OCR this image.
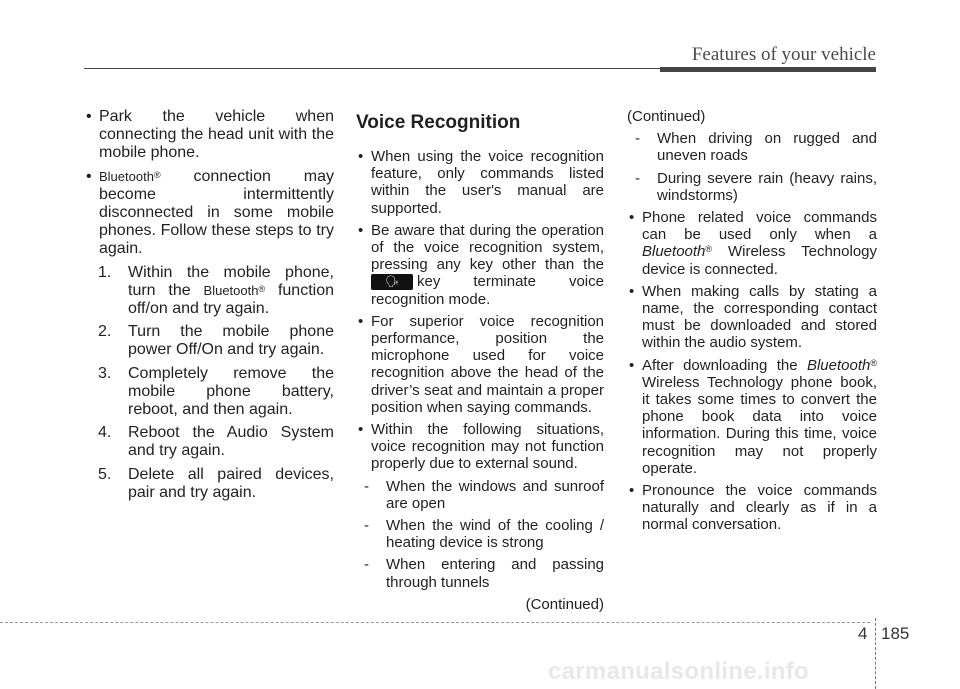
Features of your vehicle

• Park the vehicle when connecting the head unit with the mobile phone.

• Bluetooth® connection may become intermittently disconnected in some mobile phones. Follow these steps to try again.

1. Within the mobile phone, turn the Bluetooth® function off/on and try again.

2. Turn the mobile phone power Off/On and try again.

3. Completely remove the mobile phone battery, reboot, and then again.

4. Reboot the Audio System and try again.

5. Delete all paired devices, pair and try again.

Voice Recognition

• When using the voice recognition feature, only commands listed within the user's manual are supported.

• Be aware that during the operation of the voice recognition system, pressing any key other than the 🗣 key terminate voice recognition mode.

• For superior voice recognition performance, position the microphone used for voice recognition above the head of the driver’s seat and maintain a proper position when saying commands.

• Within the following situations, voice recognition may not function properly due to external sound.

- When the windows and sunroof are open

- When the wind of the cooling / heating device is strong

- When entering and passing through tunnels

(Continued)
(Continued)

- When driving on rugged and uneven roads

- During severe rain (heavy rains, windstorms)

• Phone related voice commands can be used only when a Bluetooth® Wireless Technology device is connected.

• When making calls by stating a name, the corresponding contact must be downloaded and stored within the audio system.

• After downloading the Bluetooth® Wireless Technology phone book, it takes some times to convert the phone book data into voice information. During this time, voice recognition may not properly operate.

• Pronounce the voice commands naturally and clearly as if in a normal conversation.

4 185
carmanualsonline.info
